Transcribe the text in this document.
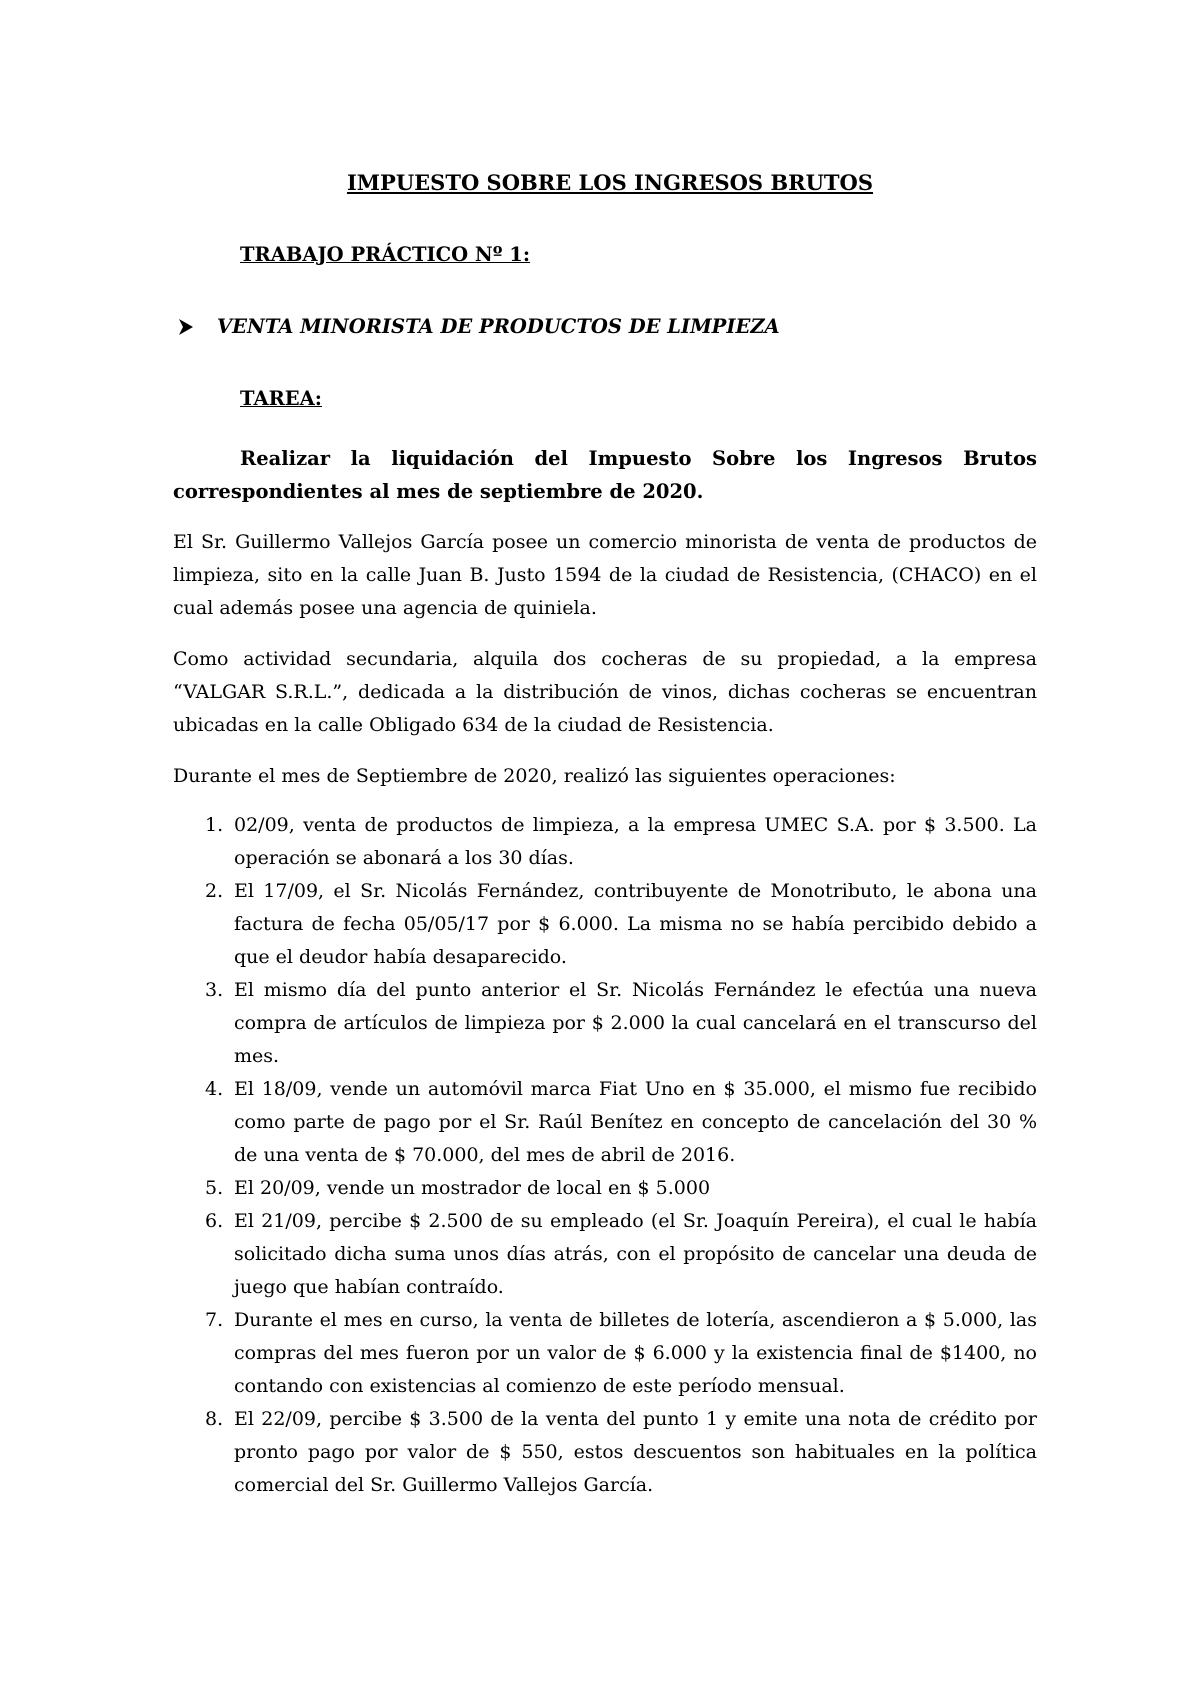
IMPUESTO SOBRE LOS INGRESOS BRUTOS
TRABAJO PRÁCTICO Nº 1:
VENTA MINORISTA DE PRODUCTOS DE LIMPIEZA
TAREA:

Realizar la liquidación del Impuesto Sobre los Ingresos Brutos correspondientes al mes de septiembre de 2020.

El Sr. Guillermo Vallejos García posee un comercio minorista de venta de productos de limpieza, sito en la calle Juan B. Justo 1594 de la ciudad de Resistencia, (CHACO) en el cual además posee una agencia de quiniela.

Como actividad secundaria, alquila dos cocheras de su propiedad, a la empresa “VALGAR S.R.L.”, dedicada a la distribución de vinos, dichas cocheras se encuentran ubicadas en la calle Obligado 634 de la ciudad de Resistencia.

Durante el mes de Septiembre de 2020, realizó las siguientes operaciones:

1. 02/09, venta de productos de limpieza, a la empresa UMEC S.A. por $ 3.500. La operación se abonará a los 30 días.
2. El 17/09, el Sr. Nicolás Fernández, contribuyente de Monotributo, le abona una factura de fecha 05/05/17 por $ 6.000. La misma no se había percibido debido a que el deudor había desaparecido.
3. El mismo día del punto anterior el Sr. Nicolás Fernández le efectúa una nueva compra de artículos de limpieza por $ 2.000 la cual cancelará en el transcurso del mes.
4. El 18/09, vende un automóvil marca Fiat Uno en $ 35.000, el mismo fue recibido como parte de pago por el Sr. Raúl Benítez en concepto de cancelación del 30 % de una venta de $ 70.000, del mes de abril de 2016.
5. El 20/09, vende un mostrador de local en $ 5.000
6. El 21/09, percibe $ 2.500 de su empleado (el Sr. Joaquín Pereira), el cual le había solicitado dicha suma unos días atrás, con el propósito de cancelar una deuda de juego que habían contraído.
7. Durante el mes en curso, la venta de billetes de lotería, ascendieron a $ 5.000, las compras del mes fueron por un valor de $ 6.000 y la existencia final de $1400, no contando con existencias al comienzo de este período mensual.
8. El 22/09, percibe $ 3.500 de la venta del punto 1 y emite una nota de crédito por pronto pago por valor de $ 550, estos descuentos son habituales en la política comercial del Sr. Guillermo Vallejos García.
